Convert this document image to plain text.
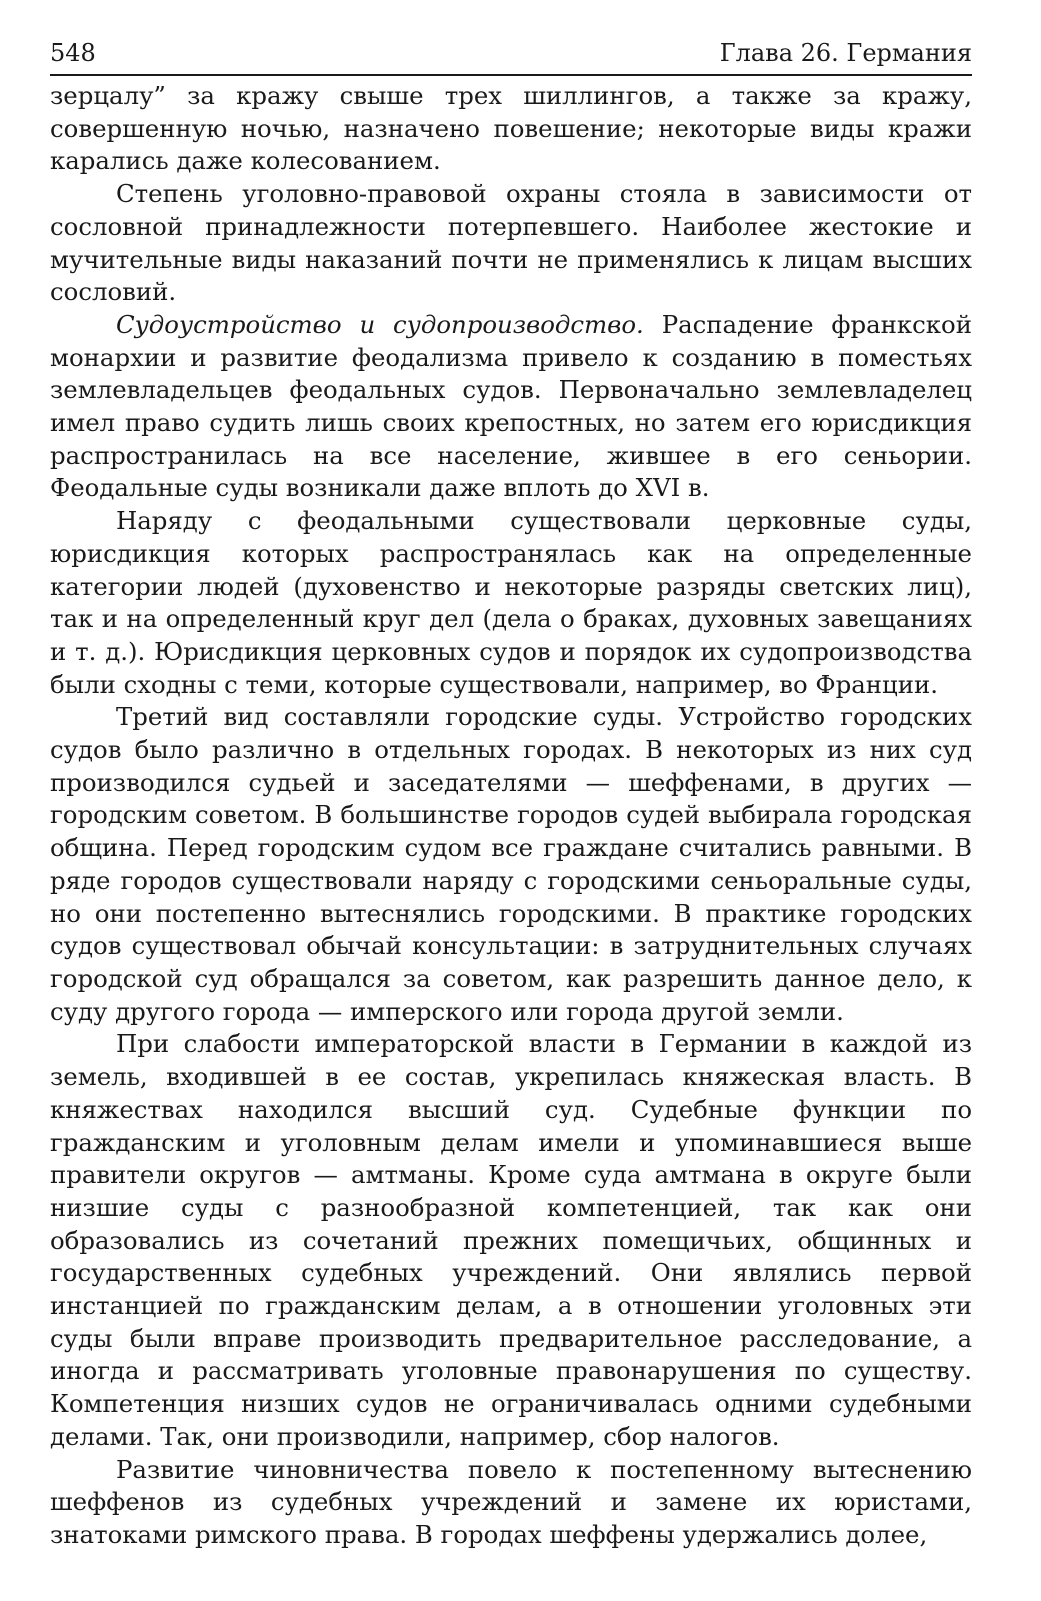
548	Глава 26. Германия

зерцалу” за кражу свыше трех шиллингов, а также за кражу, совершенную ночью, назначено повешение; некоторые виды кражи карались даже колесованием.

Степень уголовно-правовой охраны стояла в зависимости от сословной принадлежности потерпевшего. Наиболее жестокие и мучительные виды наказаний почти не применялись к лицам высших сословий.

Судоустройство и судопроизводство. Распадение франкской монархии и развитие феодализма привело к созданию в поместьях землевладельцев феодальных судов. Первоначально землевладелец имел право судить лишь своих крепостных, но затем его юрисдикция распространилась на все население, жившее в его сеньории. Феодальные суды возникали даже вплоть до XVI в.

Наряду с феодальными существовали церковные суды, юрисдикция которых распространялась как на определенные категории людей (духовенство и некоторые разряды светских лиц), так и на определенный круг дел (дела о браках, духовных завещаниях и т. д.). Юрисдикция церковных судов и порядок их судопроизводства были сходны с теми, которые существовали, например, во Франции.

Третий вид составляли городские суды. Устройство городских судов было различно в отдельных городах. В некоторых из них суд производился судьей и заседателями — шеффенами, в других — городским советом. В большинстве городов судей выбирала городская община. Перед городским судом все граждане считались равными. В ряде городов существовали наряду с городскими сеньоральные суды, но они постепенно вытеснялись городскими. В практике городских судов существовал обычай консультации: в затруднительных случаях городской суд обращался за советом, как разрешить данное дело, к суду другого города — имперского или города другой земли.

При слабости императорской власти в Германии в каждой из земель, входившей в ее состав, укрепилась княжеская власть. В княжествах находился высший суд. Судебные функции по гражданским и уголовным делам имели и упоминавшиеся выше правители округов — амтманы. Кроме суда амтмана в округе были низшие суды с разнообразной компетенцией, так как они образовались из сочетаний прежних помещичьих, общинных и государственных судебных учреждений. Они являлись первой инстанцией по гражданским делам, а в отношении уголовных эти суды были вправе производить предварительное расследование, а иногда и рассматривать уголовные правонарушения по существу. Компетенция низших судов не ограничивалась одними судебными делами. Так, они производили, например, сбор налогов.

Развитие чиновничества повело к постепенному вытеснению шеффенов из судебных учреждений и замене их юристами, знатоками римского права. В городах шеффены удержались долее,
